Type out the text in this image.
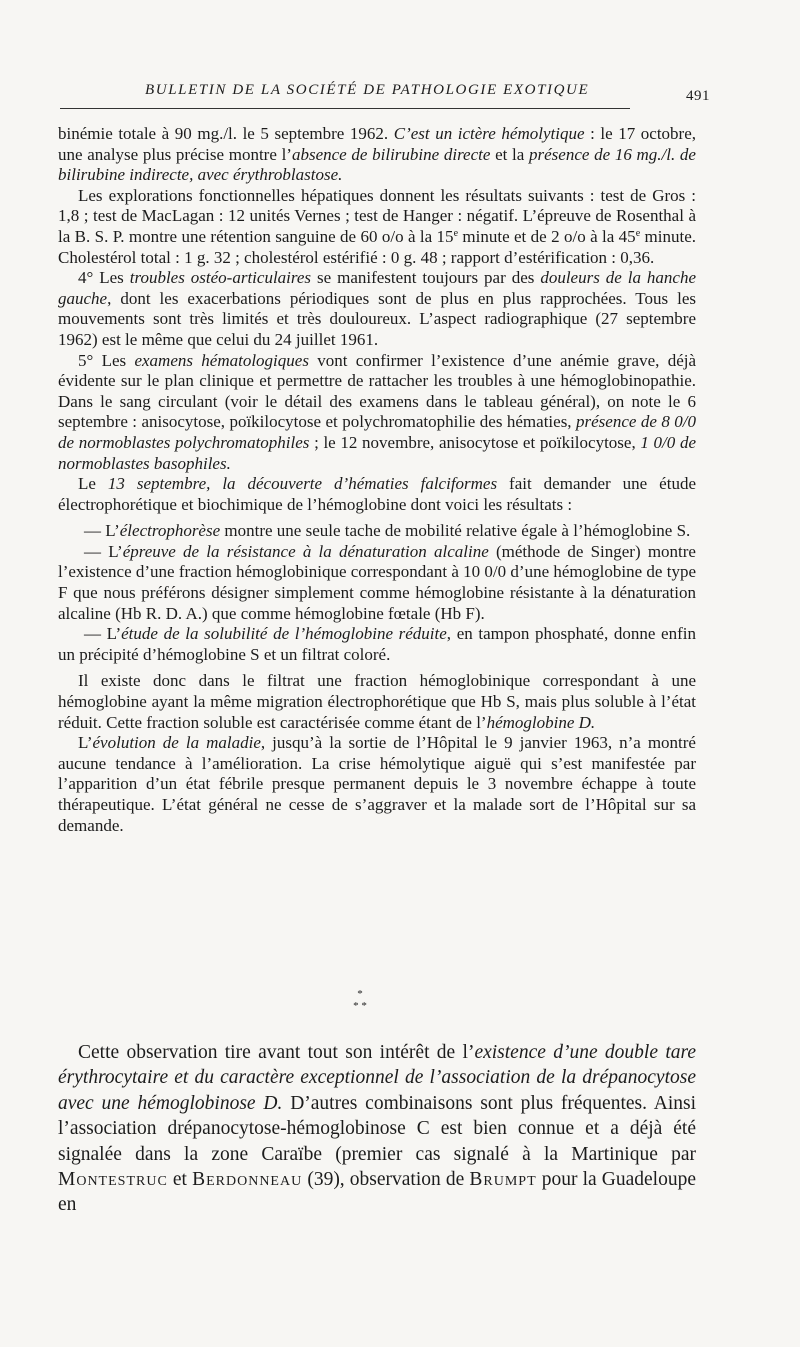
BULLETIN DE LA SOCIÉTÉ DE PATHOLOGIE EXOTIQUE	491

binémie totale à 90 mg./l. le 5 septembre 1962. C’est un ictère hémolytique : le 17 octobre, une analyse plus précise montre l’absence de bilirubine directe et la présence de 16 mg./l. de bilirubine indirecte, avec érythroblastose.

Les explorations fonctionnelles hépatiques donnent les résultats suivants : test de Gros : 1,8 ; test de MacLagan : 12 unités Vernes ; test de Hanger : négatif. L’épreuve de Rosenthal à la B. S. P. montre une rétention sanguine de 60 o/o à la 15e minute et de 2 o/o à la 45e minute. Cholestérol total : 1 g. 32 ; cholestérol estérifié : 0 g. 48 ; rapport d’estérification : 0,36.

4° Les troubles ostéo-articulaires se manifestent toujours par des douleurs de la hanche gauche, dont les exacerbations périodiques sont de plus en plus rapprochées. Tous les mouvements sont très limités et très douloureux. L’aspect radiographique (27 septembre 1962) est le même que celui du 24 juillet 1961.

5° Les examens hématologiques vont confirmer l’existence d’une anémie grave, déjà évidente sur le plan clinique et permettre de rattacher les troubles à une hémoglobinopathie. Dans le sang circulant (voir le détail des examens dans le tableau général), on note le 6 septembre : anisocytose, poïkilocytose et polychromatophilie des hématies, présence de 8 0/0 de normoblastes polychromatophiles ; le 12 novembre, anisocytose et poïkilocytose, 1 0/0 de normoblastes basophiles.

Le 13 septembre, la découverte d’hématies falciformes fait demander une étude électrophorétique et biochimique de l’hémoglobine dont voici les résultats :

— L’électrophorèse montre une seule tache de mobilité relative égale à l’hémoglobine S.

— L’épreuve de la résistance à la dénaturation alcaline (méthode de Singer) montre l’existence d’une fraction hémoglobinique correspondant à 10 0/0 d’une hémoglobine de type F que nous préférons désigner simplement comme hémoglobine résistante à la dénaturation alcaline (Hb R. D. A.) que comme hémoglobine fœtale (Hb F).

— L’étude de la solubilité de l’hémoglobine réduite, en tampon phosphaté, donne enfin un précipité d’hémoglobine S et un filtrat coloré.

Il existe donc dans le filtrat une fraction hémoglobinique correspondant à une hémoglobine ayant la même migration électrophorétique que Hb S, mais plus soluble à l’état réduit. Cette fraction soluble est caractérisée comme étant de l’hémoglobine D.

L’évolution de la maladie, jusqu’à la sortie de l’Hôpital le 9 janvier 1963, n’a montré aucune tendance à l’amélioration. La crise hémolytique aiguë qui s’est manifestée par l’apparition d’un état fébrile presque permanent depuis le 3 novembre échappe à toute thérapeutique. L’état général ne cesse de s’aggraver et la malade sort de l’Hôpital sur sa demande.

*
* *

Cette observation tire avant tout son intérêt de l’existence d’une double tare érythrocytaire et du caractère exceptionnel de l’association de la drépanocytose avec une hémoglobinose D. D’autres combinaisons sont plus fréquentes. Ainsi l’association drépanocytose-hémoglobinose C est bien connue et a déjà été signalée dans la zone Caraïbe (premier cas signalé à la Martinique par Montestruc et Berdonneau (39), observation de Brumpt pour la Guadeloupe en
